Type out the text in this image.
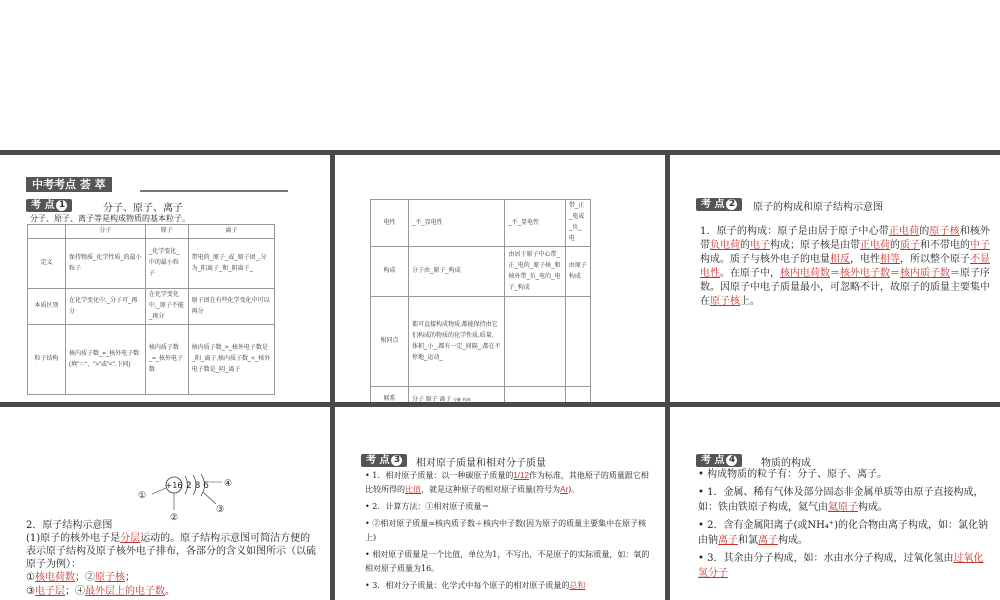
中考考点 荟 萃
考 点 1	分子、原子、离子
分子、原子、离子等是构成物质的基本粒子。
	分子	原子	离子
定义	保持物质_化学性质_的最小粒子	_化学变化_中的最小粒子	带电的_原子_或_原子团_,分为_阳离子_和_阴离子_
本质区别	在化学变化中,_分子可_再分	在化学变化中,_原子不能_再分	原子团在有些化学变化中可以再分
粒子结构	核内质子数_=_核外电子数(填"＝"、">"或"<".下同)	核内质子数_=_核外电子数	核内质子数_>_核外电子数是_阳_离子,核内质子数_<_核外电子数是_阴_离子
电性	_不_显电性	_不_显电性	带_正_电或_负_电
构成	分子由_原子_构成	由居于原子中心带_正_电的_原子核_和核外带_负_电的_电子_构成	由原子构成
相同点	都可直接构成物质,都能保持由它们构成的物质的化学性质,质量、体积_小_,都有一定_间隔_,都在不停地_运动_		
联系	分子 原子 离子 分解 构成		
考 点 2	原子的构成和原子结构示意图
1．原子的构成：原子是由居于原子中心带正电荷的原子核和核外带负电荷的电子构成；原子核是由带正电荷的质子和不带电的中子构成。质子与核外电子的电量相反，电性相等，所以整个原子不显电性。在原子中，核内电荷数＝核外电子数＝核内质子数＝原子序数。因原子中电子质量最小，可忽略不计，故原子的质量主要集中在原子核上。
+16 2 8 6
①
②
③
④
2．原子结构示意图
(1)原子的核外电子是分层运动的。原子结构示意图可简洁方便的表示原子结构及原子核外电子排布，各部分的含义如图所示（以硫原子为例）：
①核电荷数；②原子核；
③电子层；④最外层上的电子数。
考 点 3	相对原子质量和相对分子质量
• 1．相对原子质量：以一种碳原子质量的1/12作为标准，其他原子的质量跟它相比较所得的比值，就是这种原子的相对原子质量(符号为Ar)。
• 2．计算方法：①相对原子质量＝
• ②相对原子质量≈核内质子数＋核内中子数(因为原子的质量主要集中在原子核上)
• 相对原子质量是一个比值，单位为1，不写出，不是原子的实际质量，如：氧的相对原子质量为16。
• 3．相对分子质量：化学式中每个原子的相对原子质量的总和
考 点 4	物质的构成
• 构成物质的粒子有：分子、原子、离子。
• 1．金属、稀有气体及部分固态非金属单质等由原子直接构成，如：铁由铁原子构成，氦气由氦原子构成。
• 2．含有金属阳离子(或NH₄⁺)的化合物由离子构成，如：氯化钠由钠离子和氯离子构成。
• 3．其余由分子构成，如：水由水分子构成，过氧化氢由过氧化氢分子
